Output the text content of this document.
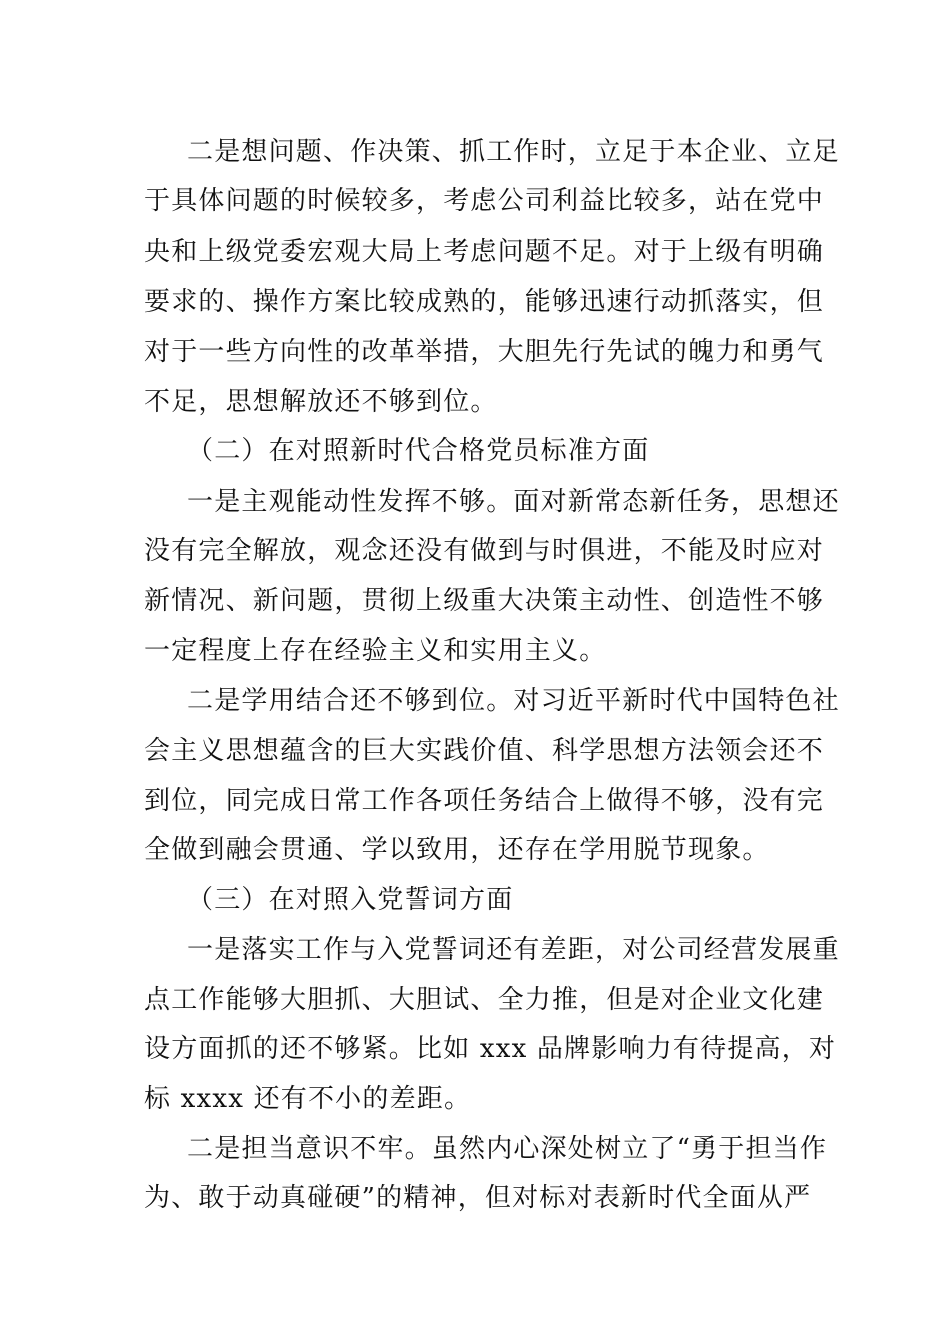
二是想问题、作决策、抓工作时，立足于本企业、立足

于具体问题的时候较多，考虑公司利益比较多，站在党中

央和上级党委宏观大局上考虑问题不足。对于上级有明确

要求的、操作方案比较成熟的，能够迅速行动抓落实，但

对于一些方向性的改革举措，大胆先行先试的魄力和勇气

不足，思想解放还不够到位。

（二）在对照新时代合格党员标准方面

一是主观能动性发挥不够。面对新常态新任务，思想还

没有完全解放，观念还没有做到与时俱进，不能及时应对

新情况、新问题，贯彻上级重大决策主动性、创造性不够

一定程度上存在经验主义和实用主义。

二是学用结合还不够到位。对习近平新时代中国特色社

会主义思想蕴含的巨大实践价值、科学思想方法领会还不

到位，同完成日常工作各项任务结合上做得不够，没有完

全做到融会贯通、学以致用，还存在学用脱节现象。

（三）在对照入党誓词方面

一是落实工作与入党誓词还有差距，对公司经营发展重

点工作能够大胆抓、大胆试、全力推，但是对企业文化建

设方面抓的还不够紧。比如 xxx 品牌影响力有待提高，对

标 xxxx 还有不小的差距。

二是担当意识不牢。虽然内心深处树立了“勇于担当作

为、敢于动真碰硬”的精神，但对标对表新时代全面从严
